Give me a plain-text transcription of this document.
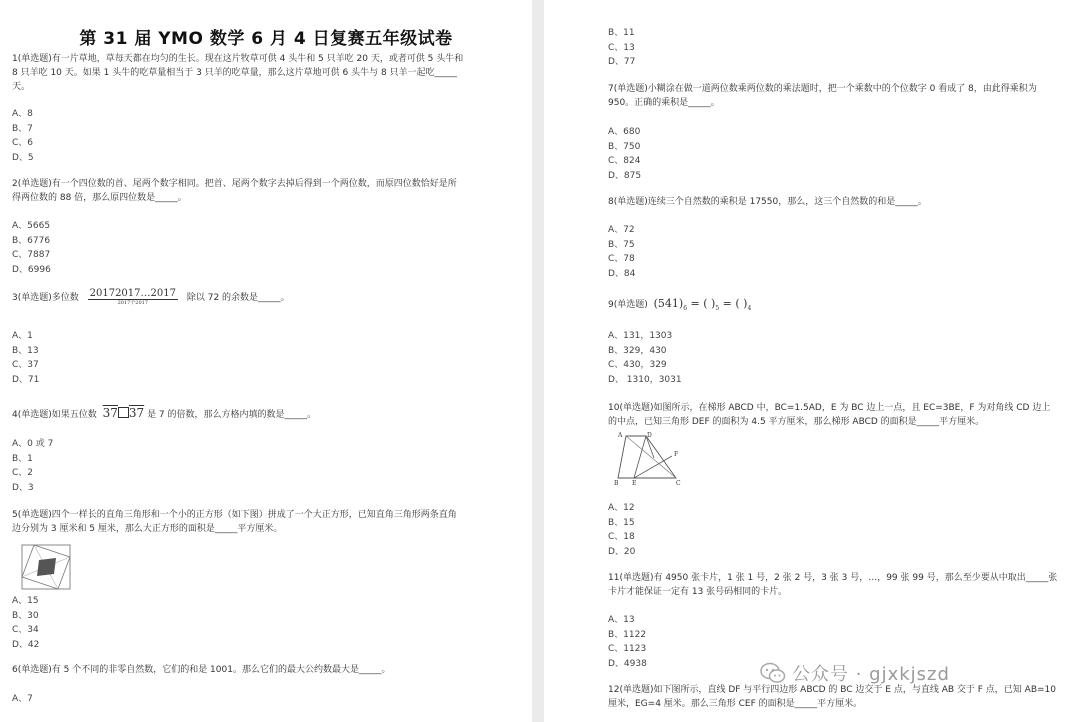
第 31 届 YMO 数学 6 月 4 日复赛五年级试卷
1(单选题)有一片草地，草每天都在均匀的生长。现在这片牧草可供 4 头牛和 5 只羊吃 20 天，或者可供 5 头牛和 8 只羊吃 10 天。如果 1 头牛的吃草量相当于 3 只羊的吃草量，那么这片草地可供 6 头牛与 8 只羊一起吃_____天。
A、8
B、7
C、6
D、5
2(单选题)有一个四位数的首、尾两个数字相同。把首、尾两个数字去掉后得到一个两位数，而原四位数恰好是所得两位数的 88 倍，那么原四位数是_____。
A、5665
B、6776
C、7887
D、6996
3(单选题)多位数 $\frac{20172017\dots 2017}{\text{2017个2017}}$ 除以 72 的余数是_____。
A、1
B、13
C、37
D、71
4(单选题)如果五位数 37 37 是 7 的倍数，那么方格内填的数是_____。
A、0 或 7
B、1
C、2
D、3
5(单选题)四个一样长的直角三角形和一个小的正方形（如下图）拼成了一个大正方形，已知直角三角形两条直角边分别为 3 厘米和 5 厘米，那么大正方形的面积是_____平方厘米。
A、15
B、30
C、34
D、42
6(单选题)有 5 个不同的非零自然数，它们的和是 1001。那么它们的最大公约数最大是_____。
A、7
B、11
C、13
D、77
7(单选题)小糊涂在做一道两位数乘两位数的乘法题时，把一个乘数中的个位数字 0 看成了 8，由此得乘积为 950。正确的乘积是_____。
A、680
B、750
C、824
D、875
8(单选题)连续三个自然数的乘积是 17550，那么，这三个自然数的和是_____。
A、72
B、75
C、78
D、84
9(单选题) $(541)_6$ = ( )$_5$ = ( )$_4$
A、131，1303
B、329，430
C、430，329
D、 1310，3031
10(单选题)如图所示，在梯形 ABCD 中，BC=1.5AD，E 为 BC 边上一点，且 EC=3BE，F 为对角线 CD 边上的中点，已知三角形 DEF 的面积为 4.5 平方厘米，那么梯形 ABCD 的面积是_____平方厘米。
A	D
B E	C
F
A、12
B、15
C、18
D、20
11(单选题)有 4950 张卡片，1 张 1 号，2 张 2 号，3 张 3 号，…，99 张 99 号，那么至少要从中取出_____张卡片才能保证一定有 13 张号码相同的卡片。
A、13
B、1122
C、1123
D、4938
12(单选题)如下图所示，直线 DF 与平行四边形 ABCD 的 BC 边交于 E 点，与直线 AB 交于 F 点，已知 AB=10 厘米，EG=4 厘米。那么三角形 CEF 的面积是_____平方厘米。
公众号 · gjxkjszd
